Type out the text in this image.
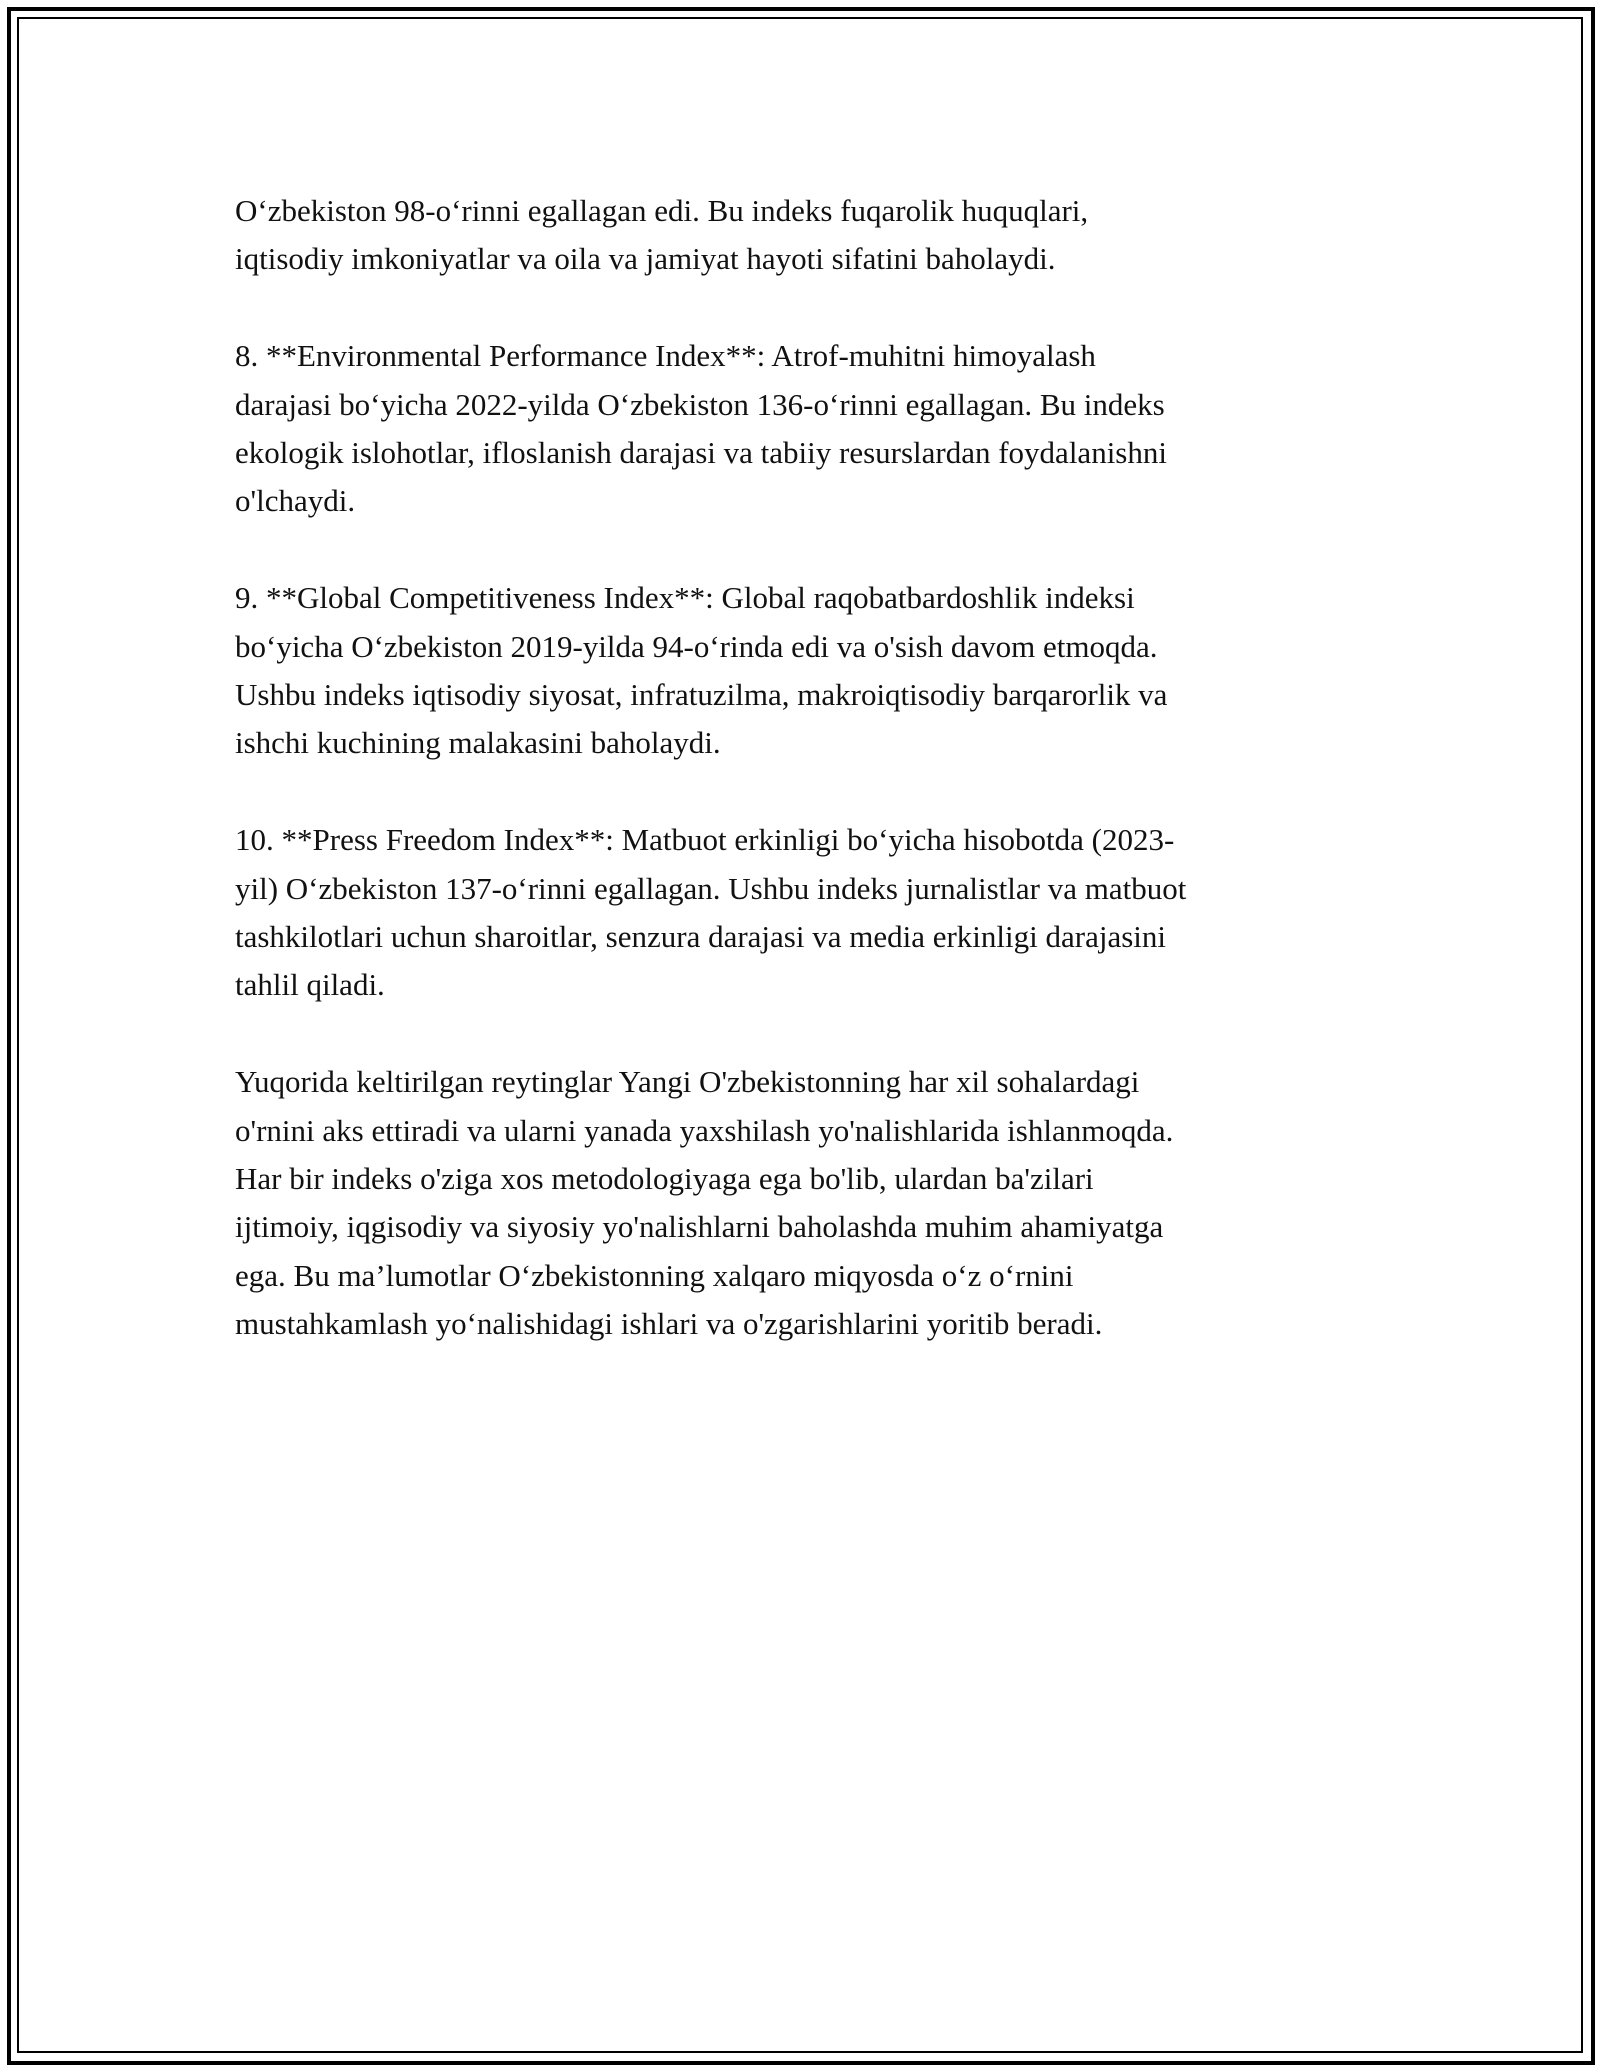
O‘zbekiston 98-o‘rinni egallagan edi. Bu indeks fuqarolik huquqlari,
iqtisodiy imkoniyatlar va oila va jamiyat hayoti sifatini baholaydi.

8. **Environmental Performance Index**: Atrof-muhitni himoyalash
darajasi bo‘yicha 2022-yilda O‘zbekiston 136-o‘rinni egallagan. Bu indeks
ekologik islohotlar, ifloslanish darajasi va tabiiy resurslardan foydalanishni
o'lchaydi.

9. **Global Competitiveness Index**: Global raqobatbardoshlik indeksi
bo‘yicha O‘zbekiston 2019-yilda 94-o‘rinda edi va o'sish davom etmoqda.
Ushbu indeks iqtisodiy siyosat, infratuzilma, makroiqtisodiy barqarorlik va
ishchi kuchining malakasini baholaydi.

10. **Press Freedom Index**: Matbuot erkinligi bo‘yicha hisobotda (2023-
yil) O‘zbekiston 137-o‘rinni egallagan. Ushbu indeks jurnalistlar va matbuot
tashkilotlari uchun sharoitlar, senzura darajasi va media erkinligi darajasini
tahlil qiladi.

Yuqorida keltirilgan reytinglar Yangi O'zbekistonning har xil sohalardagi
o'rnini aks ettiradi va ularni yanada yaxshilash yo'nalishlarida ishlanmoqda.
Har bir indeks o'ziga xos metodologiyaga ega bo'lib, ulardan ba'zilari
ijtimoiy, iqgisodiy va siyosiy yo'nalishlarni baholashda muhim ahamiyatga
ega. Bu ma’lumotlar O‘zbekistonning xalqaro miqyosda o‘z o‘rnini
mustahkamlash yo‘nalishidagi ishlari va o'zgarishlarini yoritib beradi.
